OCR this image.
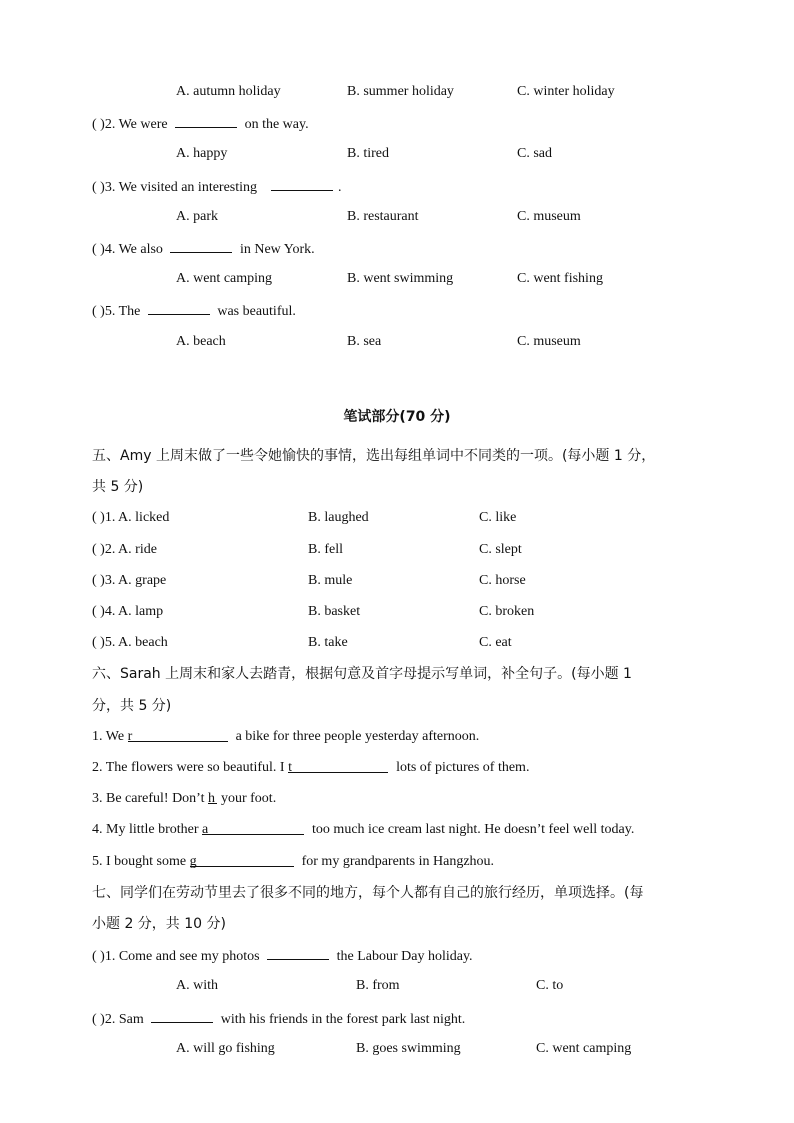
A. autumn holiday	B. summer holiday	C. winter holiday
( )2. We were	on the way.
A. happy	B. tired	C. sad
( )3. We visited an interesting	.
A. park	B. restaurant	C. museum
( )4. We also	in New York.
A. went camping	B. went swimming	C. went fishing
( )5. The	was beautiful.
A. beach	B. sea	C. museum
笔试部分(70 分)
五、Amy 上周末做了一些令她愉快的事情，选出每组单词中不同类的一项。(每小题 1 分，
共 5 分)
( )1. A. licked	B. laughed	C. like
( )2. A. ride	B. fell	C. slept
( )3. A. grape	B. mule	C. horse
( )4. A. lamp	B. basket	C. broken
( )5. A. beach	B. take	C. eat
六、Sarah 上周末和家人去踏青，根据句意及首字母提示写单词，补全句子。(每小题 1
分，共 5 分)
1. We r	a bike for three people yesterday afternoon.
2. The flowers were so beautiful. I t	lots of pictures of them.
3. Be careful! Don’t h your foot.
4. My little brother a	too much ice cream last night. He doesn’t feel well today.
5. I bought some g	for my grandparents in Hangzhou.
七、同学们在劳动节里去了很多不同的地方，每个人都有自己的旅行经历，单项选择。(每
小题 2 分，共 10 分)
( )1. Come and see my photos	the Labour Day holiday.
A. with	B. from	C. to
( )2. Sam	with his friends in the forest park last night.
A. will go fishing	B. goes swimming	C. went camping
